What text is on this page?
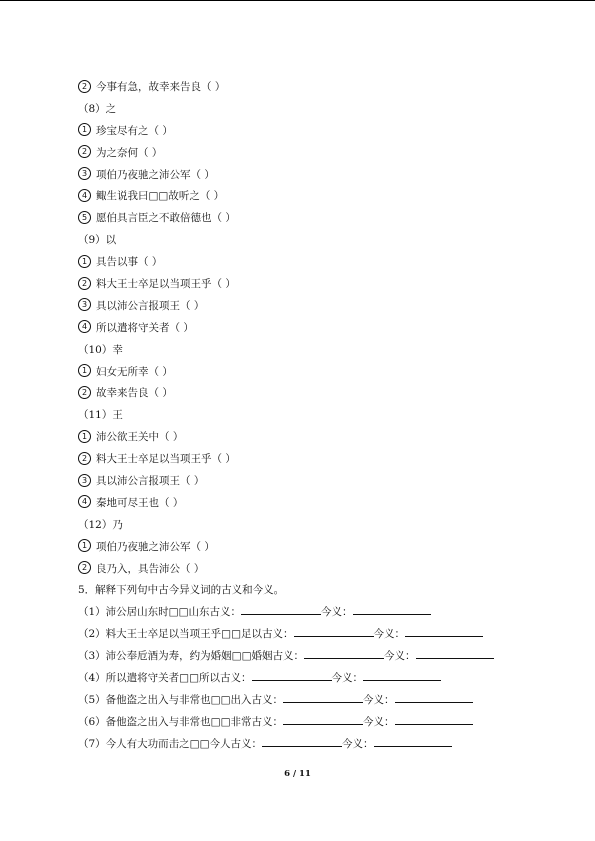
2 今事有急，故幸来告良（ ）
（8）之
1 珍宝尽有之（ ）
2 为之奈何（ ）
3 项伯乃夜驰之沛公军（ ）
4 鲰生说我曰□□故听之（ ）
5 愿伯具言臣之不敢倍德也（ ）
（9）以
1 具告以事（ ）
2 料大王士卒足以当项王乎（ ）
3 具以沛公言报项王（ ）
4 所以遣将守关者（ ）
（10）幸
1 妇女无所幸（ ）
2 故幸来告良（ ）
（11）王
1 沛公欲王关中（ ）
2 料大王士卒足以当项王乎（ ）
3 具以沛公言报项王（ ）
4 秦地可尽王也（ ）
（12）乃
1 项伯乃夜驰之沛公军（ ）
2 良乃入，具告沛公（ ）
5．解释下列句中古今异义词的古义和今义。
（1）沛公居山东时□□山东古义：	今义：
（2）料大王士卒足以当项王乎□□足以古义：	今义：
（3）沛公奉卮酒为寿，约为婚姻□□婚姻古义：	今义：
（4）所以遣将守关者□□所以古义：	今义：
（5）备他盗之出入与非常也□□出入古义：	今义：
（6）备他盗之出入与非常也□□非常古义：	今义：
（7）今人有大功而击之□□今人古义：	今义：
6 / 11
